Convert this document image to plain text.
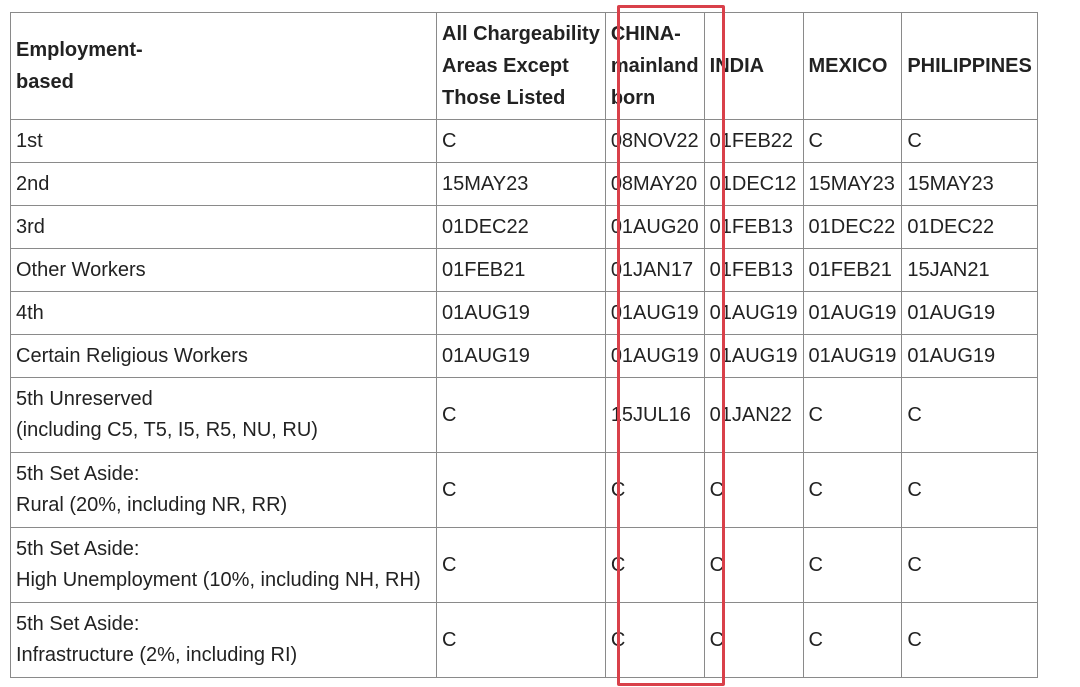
Employment-
based	All Chargeability
Areas Except
Those Listed	CHINA-
mainland
born	INDIA	MEXICO	PHILIPPINES

1st	C	08NOV22	01FEB22	C	C

2nd	15MAY23	08MAY20	01DEC12	15MAY23	15MAY23

3rd	01DEC22	01AUG20	01FEB13	01DEC22	01DEC22

Other Workers	01FEB21	01JAN17	01FEB13	01FEB21	15JAN21

4th	01AUG19	01AUG19	01AUG19	01AUG19	01AUG19

Certain Religious Workers	01AUG19	01AUG19	01AUG19	01AUG19	01AUG19

5th Unreserved
(including C5, T5, I5, R5, NU, RU)	C	15JUL16	01JAN22	C	C

5th Set Aside:
Rural (20%, including NR, RR)	C	C	C	C	C

5th Set Aside:
High Unemployment (10%, including NH, RH)	C	C	C	C	C

5th Set Aside:
Infrastructure (2%, including RI)	C	C	C	C	C
